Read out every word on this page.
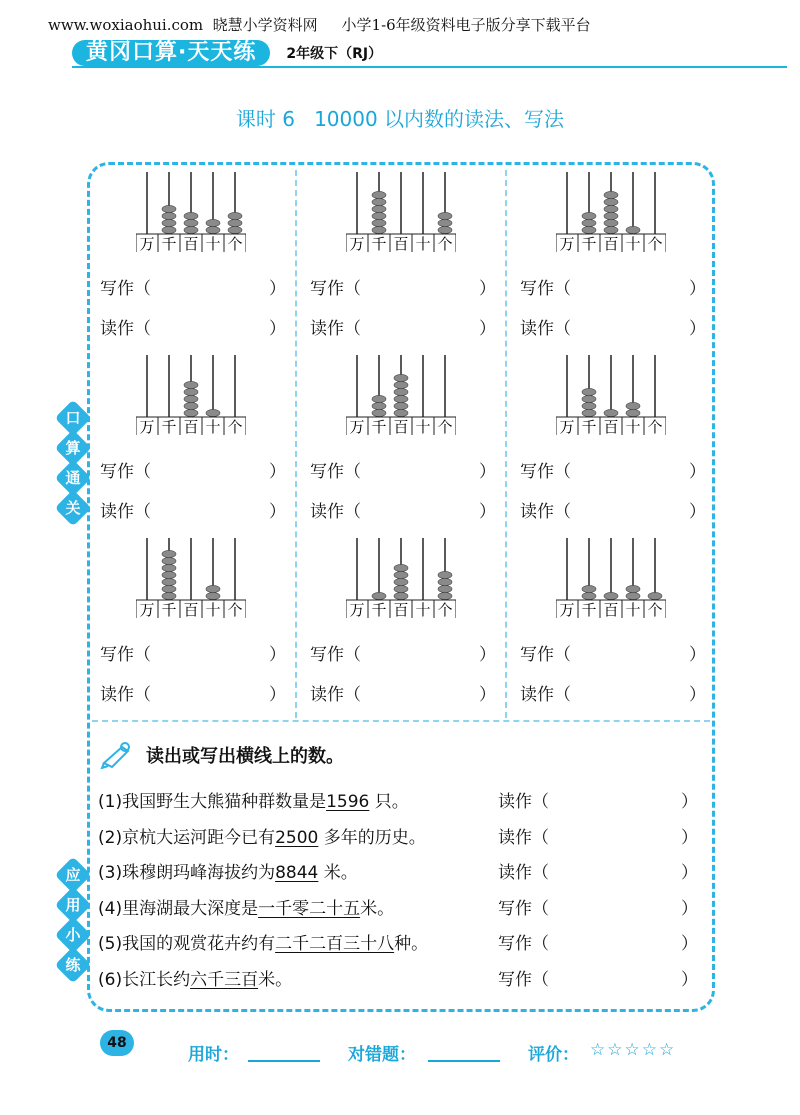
www.woxiaohui.com  晓慧小学资料网     小学1-6年级资料电子版分享下载平台
黄冈口算·天天练	2年级下（RJ）
课时 6   10000 以内数的读法、写法
口
算
通
关
应
用
小
练
万 千 百 十 个
写作（	）
读作（	）
万 千 百 十 个
写作（	）
读作（	）
万 千 百 十 个
写作（	）
读作（	）
万 千 百 十 个
写作（	）
读作（	）
万 千 百 十 个
写作（	）
读作（	）
万 千 百 十 个
写作（	）
读作（	）
万 千 百 十 个
写作（	）
读作（	）
万 千 百 十 个
写作（	）
读作（	）
万 千 百 十 个
写作（	）
读作（	）
读出或写出横线上的数。
(1)我国野生大熊猫种群数量是1596 只。	读作（	）
(2)京杭大运河距今已有2500 多年的历史。	读作（	）
(3)珠穆朗玛峰海拔约为8844 米。	读作（	）
(4)里海湖最大深度是一千零二十五米。	写作（	）
(5)我国的观赏花卉约有二千二百三十八种。	写作（	）
(6)长江长约六千三百米。	写作（	）
48
用时：	对错题：	评价： ☆☆☆☆☆
